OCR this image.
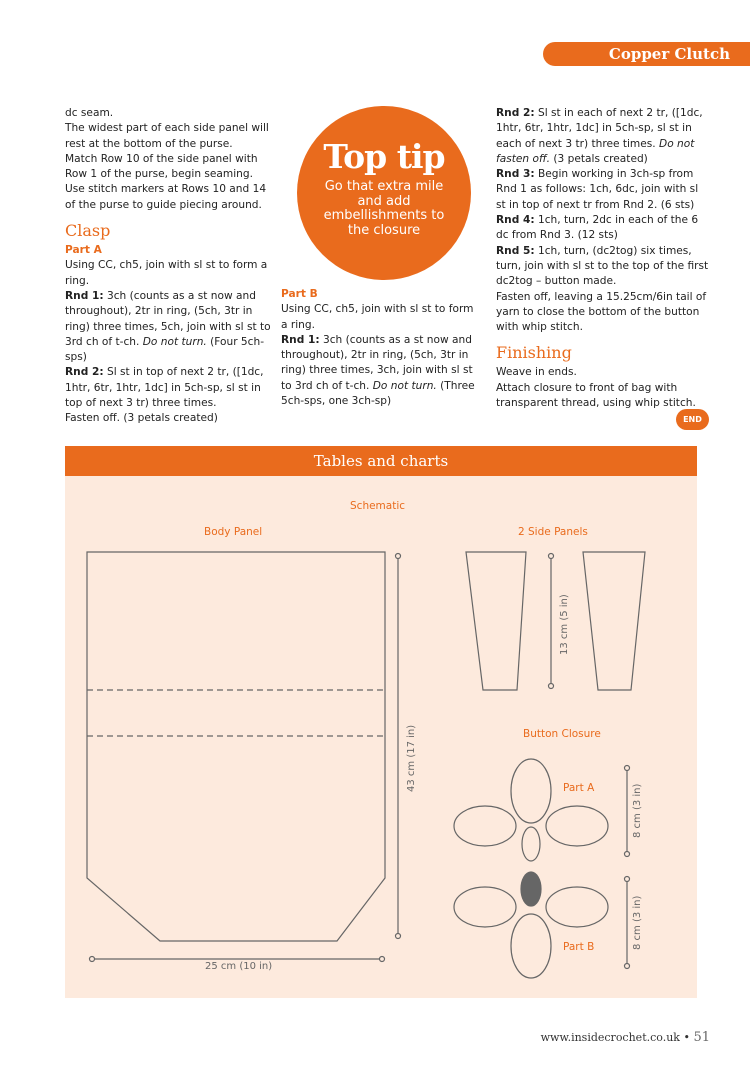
Copper Clutch

dc seam.

The widest part of each side panel will rest at the bottom of the purse.

Match Row 10 of the side panel with Row 1 of the purse, begin seaming.

Use stitch markers at Rows 10 and 14 of the purse to guide piecing around.

Clasp

Part A

Using CC, ch5, join with sl st to form a ring.

Rnd 1: 3ch (counts as a st now and throughout), 2tr in ring, (5ch, 3tr in ring) three times, 5ch, join with sl st to 3rd ch of t-ch. Do not turn. (Four 5ch-sps)

Rnd 2: Sl st in top of next 2 tr, ([1dc, 1htr, 6tr, 1htr, 1dc] in 5ch-sp, sl st in top of next 3 tr) three times.

Fasten off. (3 petals created)

Top tip
Go that extra mile and add embellishments to the closure

Part B

Using CC, ch5, join with sl st to form a ring.

Rnd 1: 3ch (counts as a st now and throughout), 2tr in ring, (5ch, 3tr in ring) three times, 3ch, join with sl st to 3rd ch of t-ch. Do not turn. (Three 5ch-sps, one 3ch-sp)

Rnd 2: Sl st in each of next 2 tr, ([1dc, 1htr, 6tr, 1htr, 1dc] in 5ch-sp, sl st in each of next 3 tr) three times. Do not fasten off. (3 petals created)

Rnd 3: Begin working in 3ch-sp from Rnd 1 as follows: 1ch, 6dc, join with sl st in top of next tr from Rnd 2. (6 sts)

Rnd 4: 1ch, turn, 2dc in each of the 6 dc from Rnd 3. (12 sts)

Rnd 5: 1ch, turn, (dc2tog) six times, turn, join with sl st to the top of the first dc2tog – button made.

Fasten off, leaving a 15.25cm/6in tail of yarn to close the bottom of the button with whip stitch.

Finishing

Weave in ends.

Attach closure to front of bag with transparent thread, using whip stitch.

END
Tables and charts
Schematic
Body Panel	2 Side Panels
Button Closure
Part A
Part B
43 cm (17 in)
25 cm (10 in)
13 cm (5 in)
8 cm (3 in)
8 cm (3 in)
www.insidecrochet.co.uk • 51
